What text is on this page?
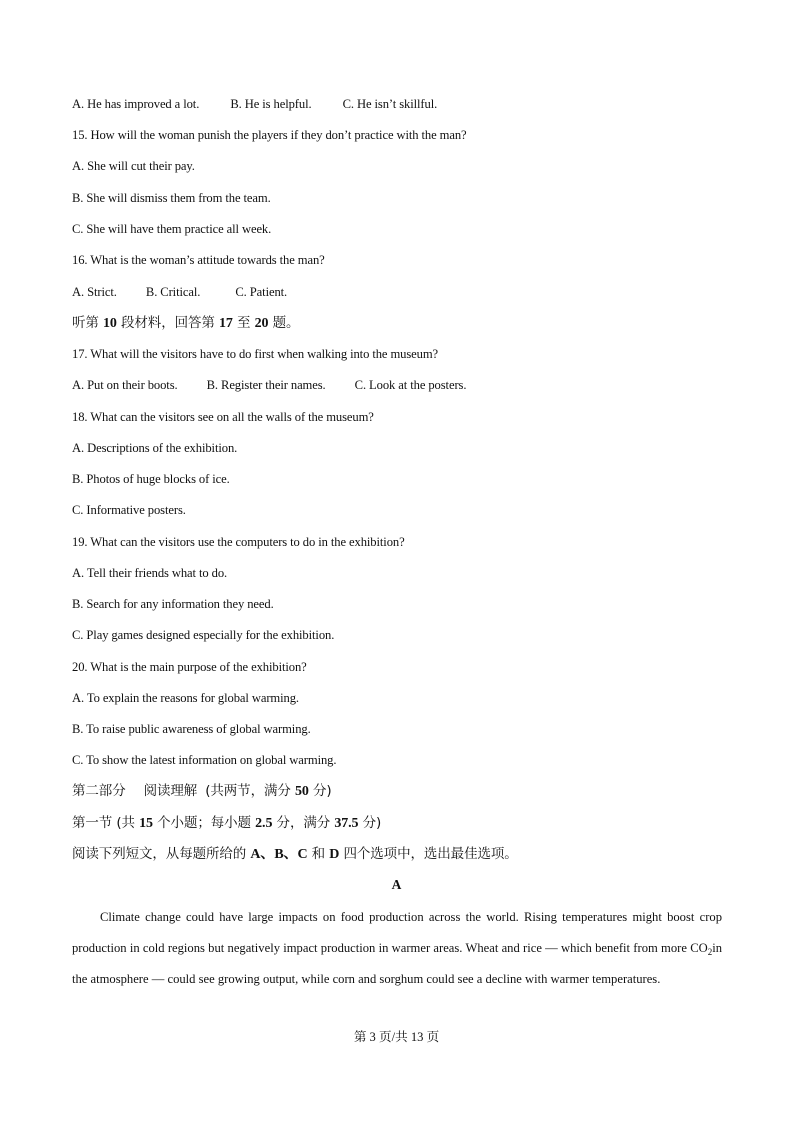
A. He has improved a lot. B. He is helpful. C. He isn’t skillful.
15. How will the woman punish the players if they don’t practice with the man?
A. She will cut their pay.
B. She will dismiss them from the team.
C. She will have them practice all week.
16. What is the woman’s attitude towards the man?
A. Strict. B. Critical.	C. Patient.
听第 10 段材料，回答第 17 至 20 题。
17. What will the visitors have to do first when walking into the museum?
A. Put on their boots. B. Register their names. C. Look at the posters.
18. What can the visitors see on all the walls of the museum?
A. Descriptions of the exhibition.
B. Photos of huge blocks of ice.
C. Informative posters.
19. What can the visitors use the computers to do in the exhibition?
A. Tell their friends what to do.
B. Search for any information they need.
C. Play games designed especially for the exhibition.
20. What is the main purpose of the exhibition?
A. To explain the reasons for global warming.
B. To raise public awareness of global warming.
C. To show the latest information on global warming.
第二部分 阅读理解 (共两节，满分 50 分)
第一节 (共 15 个小题；每小题 2.5 分，满分 37.5 分)
阅读下列短文，从每题所给的 A、B、C 和 D 四个选项中，选出最佳选项。
A

Climate change could have large impacts on food production across the world. Rising temperatures might boost crop production in cold regions but negatively impact production in warmer areas. Wheat and rice — which benefit from more $CO_2in$ the atmosphere — could see growing output, while corn and sorghum could see a decline with warmer temperatures.

第 3 页/共 13 页
